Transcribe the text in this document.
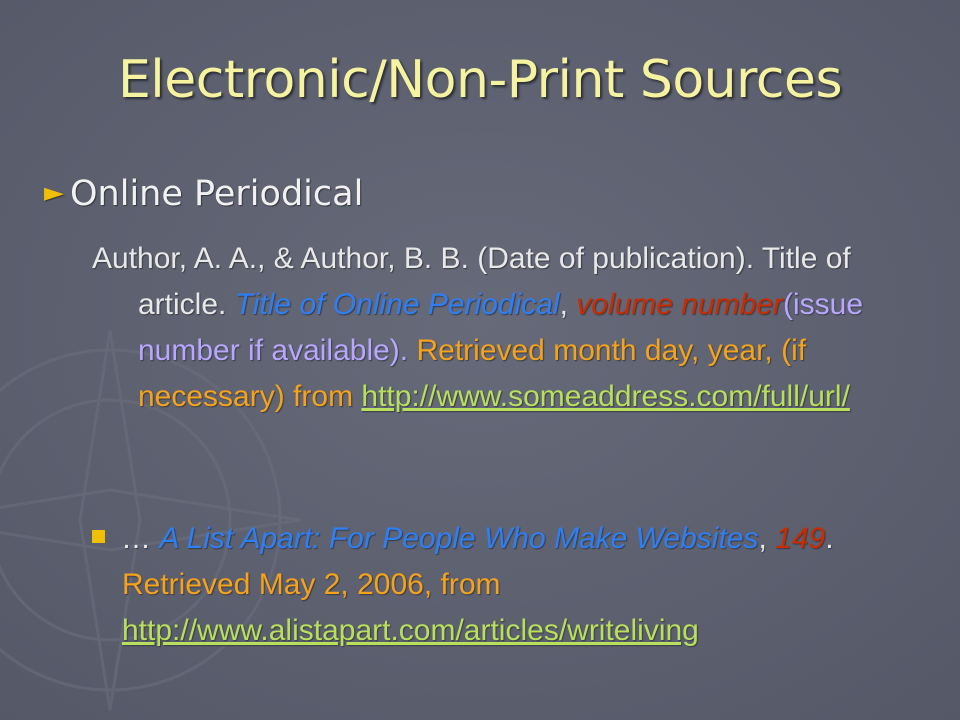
Electronic/Non-Print Sources
► Online Periodical
Author, A. A., & Author, B. B. (Date of publication). Title of article. Title of Online Periodical, volume number(issue number if available). Retrieved month day, year, (if necessary) from http://www.someaddress.com/full/url/
… A List Apart: For People Who Make Websites, 149. Retrieved May 2, 2006, from http://www.alistapart.com/articles/writeliving
